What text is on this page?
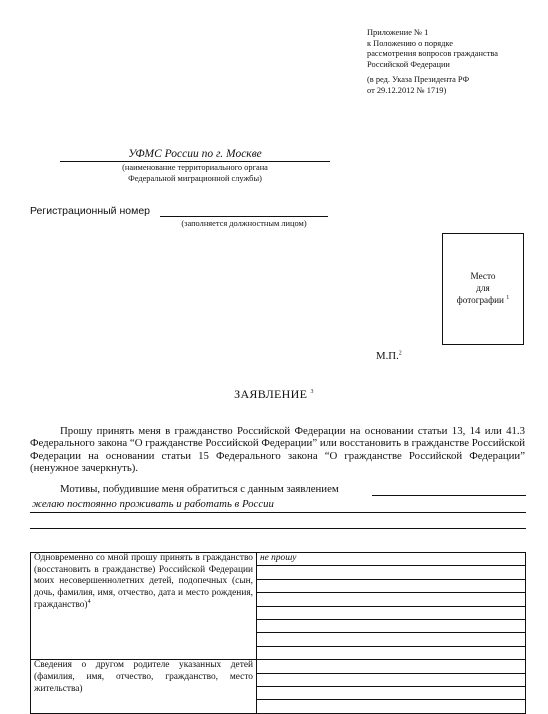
Приложение № 1
к Положению о порядке
рассмотрения вопросов гражданства
Российской Федерации
(в ред. Указа Президента РФ
от 29.12.2012 № 1719)
УФМС России по г. Москве
(наименование территориального органа
Федеральной миграционной службы)
Регистрационный номер
(заполняется должностным лицом)
Место
для
фотографии $^1$
М.П.$^2$
ЗАЯВЛЕНИЕ $^3$
Прошу принять меня в гражданство Российской Федерации на основании статьи 13, 14 или 41.3 Федерального закона “О гражданстве Российской Федерации” или восстановить в гражданстве Российской Федерации на основании статьи 15 Федерального закона “О гражданстве Российской Федерации” (ненужное зачеркнуть).
Мотивы, побудившие меня обратиться с данным заявлением
желаю постоянно проживать и работать в России
Одновременно со мной прошу принять в гражданство (восстановить в гражданстве) Российской Федерации моих несовершеннолетних детей, подопечных (сын, дочь, фамилия, имя, отчество, дата и место рождения, гражданство)$^4$	не прошу

Сведения о другом родителе указанных детей (фамилия, имя, отчество, гражданство, место жительства)	
